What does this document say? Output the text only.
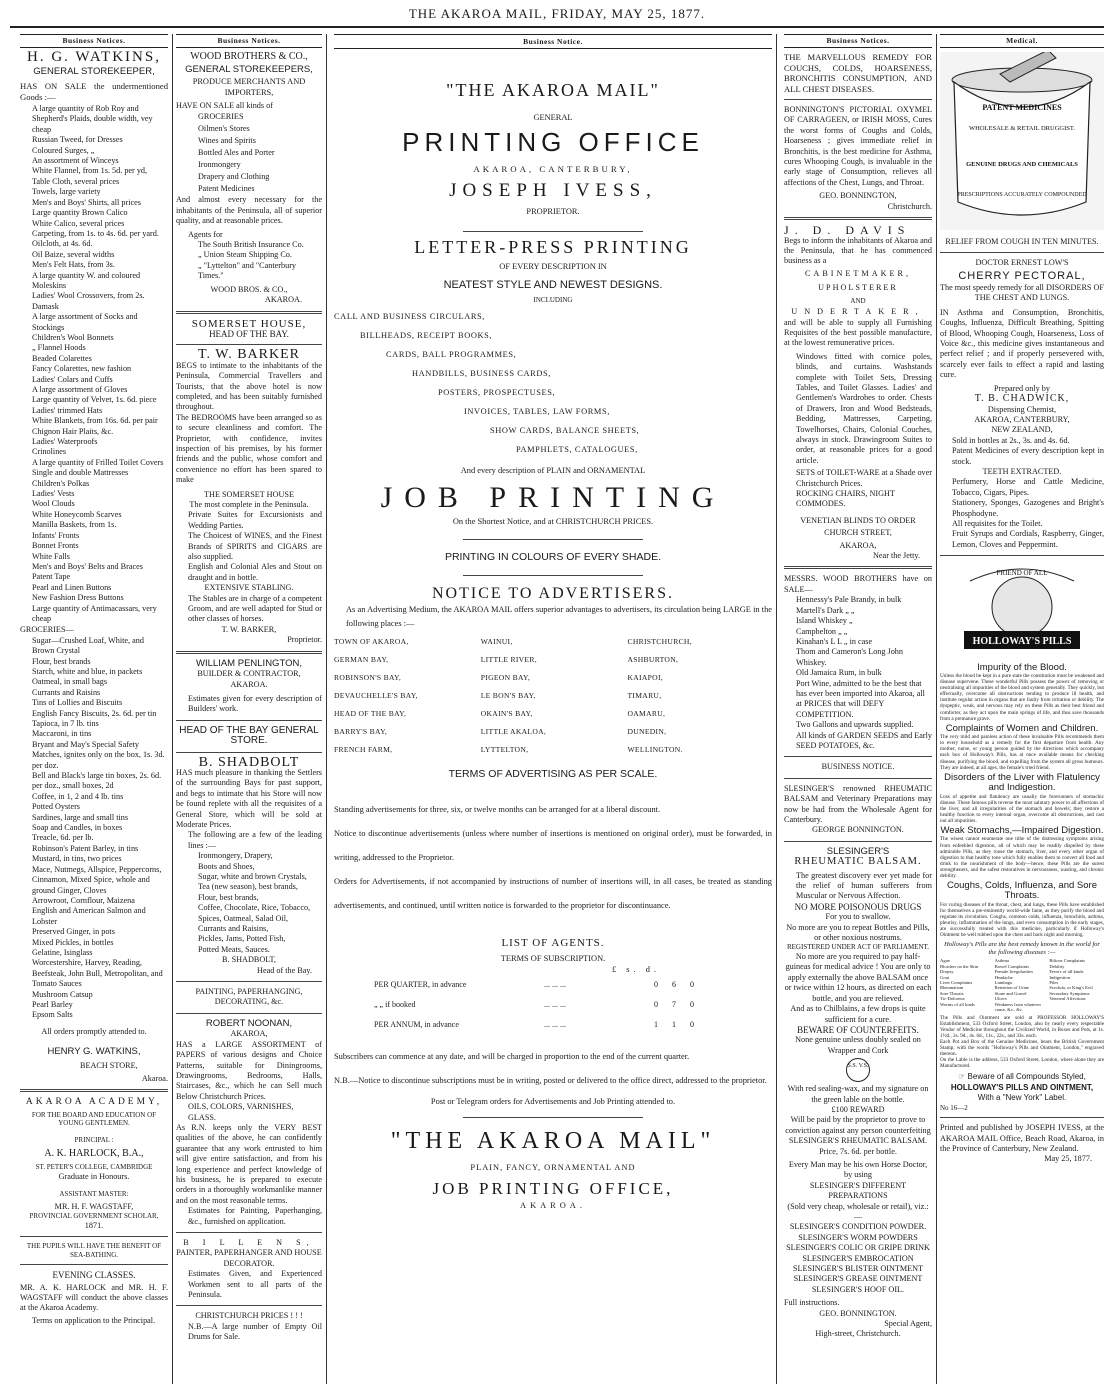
THE AKAROA MAIL, FRIDAY, MAY 25, 1877.
Business Notices.
H. G. WATKINS,
GENERAL STOREKEEPER,
HAS ON SALE the undermentioned Goods :—
A large quantity of Rob Roy and Shepherd's Plaids, double width, vey cheap
Russian Tweed, for Dresses
Coloured Surges, „
An assortment of Winceys
White Flannel, from 1s. 5d. per yd,
Table Cloth, several prices
Towels, large variety
Men's and Boys' Shirts, all prices
Large quantity Brown Calico
White Calico, several prices
Carpeting, from 1s. to 4s. 6d. per yard.
Oilcloth, at 4s. 6d.
Oil Baize, several widths
Men's Felt Hats, from 3s.
A large quantity W. and coloured Moleskins
Ladies' Wool Crossovers, from 2s.
Damask
A large assortment of Socks and Stockings
Children's Wool Bonnets
„ Flannel Hoods
Beaded Colarettes
Fancy Colarettes, new fashion
Ladies' Colars and Cuffs
A large assortment of Gloves
Large quantity of Velvet, 1s. 6d. piece
Ladies' trimmed Hats
White Blankets, from 16s. 6d. per pair
Chignon Hair Plaits, &c.
Ladies' Waterproofs
Crinolines
A large quantity of Frilled Toilet Covers
Single and double Mattresses
Children's Polkas
Ladies' Vests
Wool Clouds
White Honeycomb Scarves
Manilla Baskets, from 1s.
Infants' Fronts
Bonnet Fronts
White Falls
Men's and Boys' Belts and Braces
Patent Tape
Pearl and Linen Buttons
New Fashion Dress Buttons
Large quantity of Antimacassars, very cheap
GROCERIES—
Sugar—Crushed Loaf, White, and Brown Crystal
Flour, best brands
Starch, white and blue, in packets
Oatmeal, in small bags
Currants and Raisins
Tins of Lollies and Biscuits
English Fancy Biscuits, 2s. 6d. per tin
Tapioca, in 7 lb. tins
Maccaroni, in tins
Bryant and May's Special Safety Matches, ignites only on the box, 1s. 3d. per doz.
Bell and Black's large tin boxes, 2s. 6d. per doz., small boxes, 2d
Coffee, in 1, 2 and 4 lb. tins
Potted Oysters
Sardines, large and small tins
Soap and Candles, in boxes
Treacle, 6d. per lb.
Robinson's Patent Barley, in tins
Mustard, in tins, two prices
Mace, Nutmegs, Allspice, Peppercorns, Cinnamon, Mixed Spice, whole and ground Ginger, Cloves
Arrowroot, Cornflour, Maizena
English and American Salmon and Lobster
Preserved Ginger, in pots
Mixed Pickles, in bottles
Gelatine, Isinglass
Worcestershire, Harvey, Reading, Beefsteak, John Bull, Metropolitan, and Tomato Sauces
Mushroom Catsup
Pearl Barley
Epsom Salts
All orders promptly attended to.
HENRY G. WATKINS,
BEACH STORE,
Akaroa.
AKAROA ACADEMY,
FOR THE BOARD AND EDUCATION OF YOUNG GENTLEMEN.
PRINCIPAL :
A. K. HARLOCK, B.A.,
ST. PETER'S COLLEGE, CAMBRIDGE
Graduate in Honours.
ASSISTANT MASTER:
MR. H. F. WAGSTAFF,
PROVINCIAL GOVERNMENT SCHOLAR,
1871.
THE PUPILS WILL HAVE THE BENEFIT OF SEA-BATHING.
EVENING CLASSES.
MR. A. K. HARLOCK and MR. H. F. WAGSTAFF will conduct the above classes at the Akaroa Academy.
Terms on application to the Principal.
Business Notices.
WOOD BROTHERS & CO.,
GENERAL STOREKEEPERS,
PRODUCE MERCHANTS AND IMPORTERS,
HAVE ON SALE all kinds of
GROCERIES
Oilmen's Stores
Wines and Spirits
Bottled Ales and Porter
Ironmongery
Drapery and Clothing
Patent Medicines
And almost every necessary for the inhabitants of the Peninsula, all of superior quality, and at reasonable prices.
Agents for
The South British Insurance Co.
„ Union Steam Shipping Co.
„ "Lyttelton" and "Canterbury Times."
WOOD BROS. & CO.,
AKAROA.
SOMERSET HOUSE,
HEAD OF THE BAY.
T. W. BARKER
BEGS to intimate to the inhabitants of the Peninsula, Commercial Travellers and Tourists, that the above hotel is now completed, and has been suitably furnished throughout.
The BEDROOMS have been arranged so as to secure cleanliness and comfort. The Proprietor, with confidence, invites inspection of his premises, by his former friends and the public, whose comfort and convenience no effort has been spared to make
THE SOMERSET HOUSE
The most complete in the Peninsula.
Private Suites for Excursionists and Wedding Parties.
The Choicest of WINES, and the Finest Brands of SPIRITS and CIGARS are also supplied.
English and Colonial Ales and Stout on draught and in bottle.
EXTENSIVE STABLING.
The Stables are in charge of a competent Groom, and are well adapted for Stud or other classes of horses.
T. W. BARKER,
Proprietor.
WILLIAM PENLINGTON,
BUILDER & CONTRACTOR,
AKAROA.
Estimates given for every description of Builders' work.
HEAD OF THE BAY GENERAL STORE.
B. SHADBOLT
HAS much pleasure in thanking the Settlers of the surrounding Bays for past support, and begs to intimate that his Store will now be found replete with all the requisites of a General Store, which will be sold at Moderate Prices.
The following are a few of the leading lines :—
Ironmongery, Drapery,
Boots and Shoes,
Sugar, white and brown Crystals,
Tea (new season), best brands,
Flour, best brands,
Coffee, Chocolate, Rice, Tobacco,
Spices, Oatmeal, Salad Oil,
Currants and Raisins,
Pickles, Jams, Potted Fish,
Potted Meats, Sauces.
B. SHADBOLT,
Head of the Bay.
PAINTING, PAPERHANGING, DECORATING, &c.
ROBERT NOONAN,
AKAROA,
HAS a LARGE ASSORTMENT of PAPERS of various designs and Choice Patterns, suitable for Diningrooms, Drawingrooms, Bedrooms, Halls, Staircases, &c., which he can Sell much Below Christchurch Prices.
OILS, COLORS, VARNISHES, GLASS.
As R.N. keeps only the VERY BEST qualities of the above, he can confidently guarantee that any work entrusted to him will give entire satisfaction, and from his long experience and perfect knowledge of his business, he is prepared to execute orders in a thoroughly workmanlike manner and on the most reasonable terms.
Estimates for Painting, Paperhanging, &c., furnished on application.
B I L L E N S,
PAINTER, PAPERHANGER AND HOUSE DECORATOR.
Estimates Given, and Experienced Workmen sent to all parts of the Peninsula.
CHRISTCHURCH PRICES ! ! !
N.B.—A large number of Empty Oil Drums for Sale.
Business Notice.
"THE AKAROA MAIL"
GENERAL
PRINTING OFFICE
AKAROA, CANTERBURY,
JOSEPH IVESS,
PROPRIETOR.
LETTER-PRESS PRINTING
OF EVERY DESCRIPTION IN
NEATEST STYLE AND NEWEST DESIGNS.
INCLUDING
CALL AND BUSINESS CIRCULARS,
BILLHEADS, RECEIPT BOOKS,
CARDS, BALL PROGRAMMES,
HANDBILLS, BUSINESS CARDS,
POSTERS, PROSPECTUSES,
INVOICES, TABLES, LAW FORMS,
SHOW CARDS, BALANCE SHEETS,
PAMPHLETS, CATALOGUES,
And every description of PLAIN and ORNAMENTAL
JOB PRINTING
On the Shortest Notice, and at CHRISTCHURCH PRICES.
PRINTING IN COLOURS OF EVERY SHADE.
NOTICE TO ADVERTISERS.
As an Advertising Medium, the AKAROA MAIL offers superior advantages to advertisers, its circulation being LARGE in the following places :—
TOWN OF AKAROA,	WAINUI,	CHRISTCHURCH,
GERMAN BAY,	LITTLE RIVER,	ASHBURTON,
ROBINSON'S BAY,	PIGEON BAY,	KAIAPOI,
DEVAUCHELLE'S BAY,	LE BON'S BAY,	TIMARU,
HEAD OF THE BAY,	OKAIN'S BAY,	OAMARU,
BARRY'S BAY,	LITTLE AKALOA,	DUNEDIN,
FRENCH FARM,	LYTTELTON,	WELLINGTON.
TERMS OF ADVERTISING AS PER SCALE.
Standing advertisements for three, six, or twelve months can be arranged for at a liberal discount.
Notice to discontinue advertisements (unless where number of insertions is mentioned on original order), must be forwarded, in writing, addressed to the Proprietor.
Orders for Advertisements, if not accompanied by instructions of number of insertions will, in all cases, be treated as standing advertisements, and continued, until written notice is forwarded to the proprietor for discontinuance.
LIST OF AGENTS.
TERMS OF SUBSCRIPTION.
£ s. d.
PER QUARTER, in advance	... ... ...	0 6 0
„ „ if booked	... ... ...	0 7 0
PER ANNUM, in advance	... ... ...	1 1 0
Subscribers can commence at any date, and will be charged in proportion to the end of the current quarter.
N.B.—Notice to discontinue subscriptions must be in writing, posted or delivered to the office direct, addressed to the proprietor.
Post or Telegram orders for Advertisements and Job Printing attended to.
"THE AKAROA MAIL"
PLAIN, FANCY, ORNAMENTAL AND
JOB PRINTING OFFICE,
AKAROA.
Business Notices.
THE MARVELLOUS REMEDY FOR COUCHS, COLDS, HOARSENESS, BRONCHITIS CONSUMPTION, AND ALL CHEST DISEASES.
BONNINGTON'S PICTORIAL OXYMEL OF CARRAGEEN, or IRISH MOSS, Cures the worst forms of Coughs and Colds, Hoarseness ; gives immediate relief in Bronchitis, is the best medicine for Asthma, cures Whooping Cough, is invaluable in the early stage of Consumption, relieves all affections of the Chest, Lungs, and Throat.
GEO. BONNINGTON,
Christchurch.
J. D. DAVIS
Begs to inform the inhabitants of Akaroa and the Peninsula, that he has commenced business as a
CABINETMAKER,
UPHOLSTERER
AND
UNDERTAKER,
and will be able to supply all Furnishing Requisites of the best possible manufacture, at the lowest remunerative prices.
Windows fitted with cornice poles, blinds, and curtains. Washstands complete with Toilet Sets, Dressing Tables, and Toilet Glasses. Ladies' and Gentlemen's Wardrobes to order. Chests of Drawers, Iron and Wood Bedsteads, Bedding, Mattresses, Carpeting, Towelhorses, Chairs, Colonial Couches, always in stock. Drawingroom Suites to order, at reasonable prices for a good article.
SETS of TOILET-WARE at a Shade over Christchurch Prices.
ROCKING CHAIRS, NIGHT COMMODES.
VENETIAN BLINDS TO ORDER
CHURCH STREET,
AKAROA,
Near the Jetty.
MESSRS. WOOD BROTHERS have on SALE—
Hennessy's Pale Brandy, in bulk
Martell's Dark „ „
Island Whiskey „
Campbelton „ „
Kinahan's L L „ in case
Thom and Cameron's Long John Whiskey.
Old Jamaica Rum, in bulk
Port Wine, admitted to be the best that has ever been imported into Akaroa, all at PRICES that will DEFY COMPETITION.
Two Gallons and upwards supplied.
All kinds of GARDEN SEEDS and Early SEED POTATOES, &c.
BUSINESS NOTICE.
SLESINGER'S renowned RHEUMATIC BALSAM and Veterinary Preparations may now be had from the Wholesale Agent for Canterbury.
GEORGE BONNINGTON.
SLESINGER'S
RHEUMATIC BALSAM.
The greatest discovery ever yet made for the relief of human sufferers from Muscular or Nervous Affection.
NO MORE POISONOUS DRUGS
For you to swallow.
No more are you to repeat Bottles and Pills, or other noxious nostrums.
REGISTERED UNDER ACT OF PARLIAMENT.
No more are you required to pay half-guineas for medical advice ! You are only to apply externally the above BALSAM once or twice within 12 hours, as directed on each bottle, and you are relieved.
And as to Chilblains, a few drops is quite sufficient for a cure.
BEWARE OF COUNTERFEITS.
None genuine unless doubly sealed on Wrapper and Cork
S.S. V.S.
With red sealing-wax, and my signature on the green lable on the bottle.
£100 REWARD
Will be paid by the proprietor to prove to conviction against any person counterfeiting
SLESINGER'S RHEUMATIC BALSAM.
Price, 7s. 6d. per bottle.
Every Man may be his own Horse Doctor, by using
SLESINGER'S DIFFERENT PREPARATIONS
(Sold very cheap, wholesale or retail), viz.:—
SLESINGER'S CONDITION POWDER.
SLESINGER'S WORM POWDERS
SLESINGER'S COLIC OR GRIPE DRINK
SLESINGER'S EMBROCATION
SLESINGER'S BLISTER OINTMENT
SLESINGER'S GREASE OINTMENT
SLESINGER'S HOOF OIL.
Full instructions.
GEO. BONNINGTON.
Special Agent,
High-street, Christchurch.
Medical.
PATENT MEDICINES
WHOLESALE & RETAIL DRUGGIST.
GENUINE DRUGS AND CHEMICALS
PRESCRIPTIONS ACCURATELY COMPOUNDED
RELIEF FROM COUGH IN TEN MINUTES.
DOCTOR ERNEST LOW'S
CHERRY PECTORAL,
The most speedy remedy for all DISORDERS OF THE CHEST AND LUNGS.
IN Asthma and Consumption, Bronchitis, Coughs, Influenza, Difficult Breathing, Spitting of Blood, Whooping Cough, Hoarseness, Loss of Voice &c., this medicine gives instantaneous and perfect relief ; and if properly persevered with, scarcely ever fails to effect a rapid and lasting cure.
Prepared only by
T. B. CHADWICK,
Dispensing Chemist,
AKAROA, CANTERBURY,
NEW ZEALAND,
Sold in bottles at 2s., 3s. and 4s. 6d.
Patent Medicines of every description kept in stock.
TEETH EXTRACTED.
Perfumery, Horse and Cattle Medicine, Tobacco, Cigars, Pipes.
Stationery, Sponges, Gazogenes and Bright's Phosphodyne.
All requisites for the Toilet.
Fruit Syrups and Cordials, Raspberry, Ginger, Lemon, Cloves and Peppermint.
FRIEND OF ALL
HOLLOWAY'S PILLS
Impurity of the Blood.
Unless the blood be kept in a pure state the constitution must be weakened and disease supervene. These wonderful Pills possess the power of removing or neutralising all impurities of the blood and system generally. They quickly, but effectually, overcome all obstructions tending to produce ill health, and institute regular action in organs that are faulty from irritation or debility. The dyspeptic, weak, and nervous may rely on these Pills as their best friend and comforter, as they act upon the main springs of life, and thus save thousands from a premature grave.
Complaints of Women and Children.
The very mild and painless action of these invaluable Pills recommends them to every household as a remedy for the first departure from health. Any mother, nurse, or young person guided by the directions which accompany each box of Holloway's Pills, has at once available means for checking disease, purifying the blood, and expelling from the system all gross humours. They are indeed, at all ages, the female's tried friend.
Disorders of the Liver with Flatulency and Indigestion.
Loss of appetite and flatulency are usually the forerunners of stomachic disease. These famous pills reverse the most salutary power to all affections of the liver, and all irregularities of the stomach and bowels; they restore a healthy function to every internal organ, overcome all obstructions, and cast out all impurities.
Weak Stomachs,—Impaired Digestion.
The wisest cannot enumerate one tithe of the distressing symptoms arising from enfeebled digestion, all of which may be readily dispelled by these admirable Pills, as they rouse the stomach, liver, and every other organ of digestion to that healthy tone which fully enables them to convert all food and drink to the nourishment of the body—hence, these Pills are the surest strengtheners, and the safest restoratives in nervousness, wasting, and chronic debility.
Coughs, Colds, Influenza, and Sore Throats.
For curing diseases of the throat, chest, and lungs, these Pills have established for themselves a pre-eminently world-wide fame, as they purify the blood and regulate its circulation. Coughs, common colds, influenza, bronchitis, asthma, pleurisy, inflammation of the lungs, and even consumption in the early stages, are successfully treated with this medicine, particularly if Holloway's Ointment be well rubbed upon the chest and back night and morning.
Holloway's Pills are the best remedy known in the world for the following diseases :—
Ague	Asthma	Bilious Complaints
Blotches on the Skin	Bowel Complaints	Debility
Dropsy	Female Irregularities	Fevers of all kinds
Gout	Headache	Indigestion
Liver Complaints	Lumbago	Piles
Rheumatism	Retention of Urine	Scrofula, or King's Evil
Sore Throats	Stone and Gravel	Secondary Symptoms
Tic-Doloreux	Ulcers	Venereal Affections
Worms of all kinds	Weakness from whatever cause, &c., &c.
The Pills and Ointment are sold at PROFESSOR HOLLOWAY'S Establishment, 533 Oxford Street, London, also by nearly every respectable Vendor of Medicine throughout the Civilized World, in Boxes and Pots, at 1s. 1½d., 2s. 9d., 4s. 6d., 11s., 22s., and 33s. each.
Each Pot and Box of the Genuine Medicines, bears the British Government Stamp, with the words "Holloway's Pills and Ointment, London," engraved thereon.
On the Lable is the address, 533 Oxford Street, London, where alone they are Manufactured.
☞ Beware of all Compounds Styled,
HOLLOWAY'S PILLS AND OINTMENT,
With a "New York" Label.
No 16—2
Printed and published by JOSEPH IVESS, at the AKAROA MAIL Office, Beach Road, Akaroa, in the Province of Canterbury, New Zealand.
May 25, 1877.
